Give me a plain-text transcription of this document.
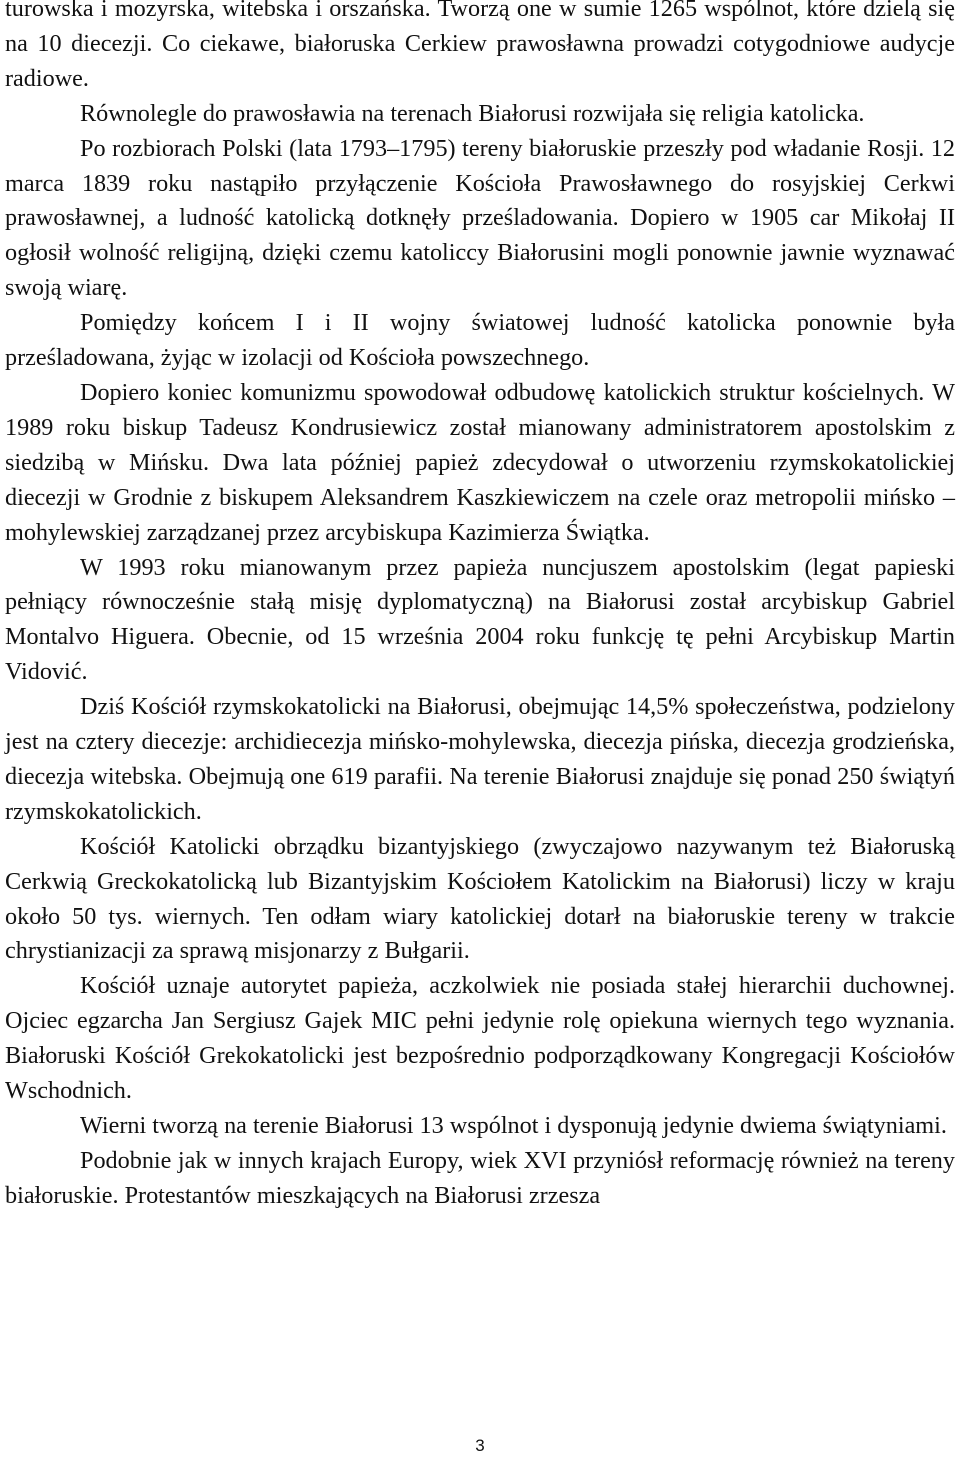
turowska i mozyrska, witebska i orszańska. Tworzą one w sumie 1265 wspólnot, które dzielą się na 10 diecezji. Co ciekawe, białoruska Cerkiew prawosławna prowadzi cotygodniowe audycje radiowe.

Równolegle do prawosławia na terenach Białorusi rozwijała się religia katolicka.

Po rozbiorach Polski (lata 1793–1795) tereny białoruskie przeszły pod władanie Rosji. 12 marca 1839 roku nastąpiło przyłączenie Kościoła Prawosławnego do rosyjskiej Cerkwi prawosławnej, a ludność katolicką dotknęły prześladowania. Dopiero w 1905 car Mikołaj II ogłosił wolność religijną, dzięki czemu katoliccy Białorusini mogli ponownie jawnie wyznawać swoją wiarę.

Pomiędzy końcem I i II wojny światowej ludność katolicka ponownie była prześladowana, żyjąc w izolacji od Kościoła powszechnego.

Dopiero koniec komunizmu spowodował odbudowę katolickich struktur kościelnych. W 1989 roku biskup Tadeusz Kondrusiewicz został mianowany administratorem apostolskim z siedzibą w Mińsku. Dwa lata później papież zdecydował o utworzeniu rzymskokatolickiej diecezji w Grodnie z biskupem Aleksandrem Kaszkiewiczem na czele oraz metropolii mińsko – mohylewskiej zarządzanej przez arcybiskupa Kazimierza Świątka.

W 1993 roku mianowanym przez papieża nuncjuszem apostolskim (legat papieski pełniący równocześnie stałą misję dyplomatyczną) na Białorusi został arcybiskup Gabriel Montalvo Higuera. Obecnie, od 15 września 2004 roku funkcję tę pełni Arcybiskup Martin Vidović.

Dziś Kościół rzymskokatolicki na Białorusi, obejmując 14,5% społeczeństwa, podzielony jest na cztery diecezje: archidiecezja mińsko-mohylewska, diecezja pińska, diecezja grodzieńska, diecezja witebska. Obejmują one 619 parafii. Na terenie Białorusi znajduje się ponad 250 świątyń rzymskokatolickich.

Kościół Katolicki obrządku bizantyjskiego (zwyczajowo nazywanym też Białoruską Cerkwią Greckokatolicką lub Bizantyjskim Kościołem Katolickim na Białorusi) liczy w kraju około 50 tys. wiernych. Ten odłam wiary katolickiej dotarł na białoruskie tereny w trakcie chrystianizacji za sprawą misjonarzy z Bułgarii.

Kościół uznaje autorytet papieża, aczkolwiek nie posiada stałej hierarchii duchownej. Ojciec egzarcha Jan Sergiusz Gajek MIC pełni jedynie rolę opiekuna wiernych tego wyznania. Białoruski Kościół Grekokatolicki jest bezpośrednio podporządkowany Kongregacji Kościołów Wschodnich.

Wierni tworzą na terenie Białorusi 13 wspólnot i dysponują jedynie dwiema świątyniami.

Podobnie jak w innych krajach Europy, wiek XVI przyniósł reformację również na tereny białoruskie. Protestantów mieszkających na Białorusi zrzesza

3
